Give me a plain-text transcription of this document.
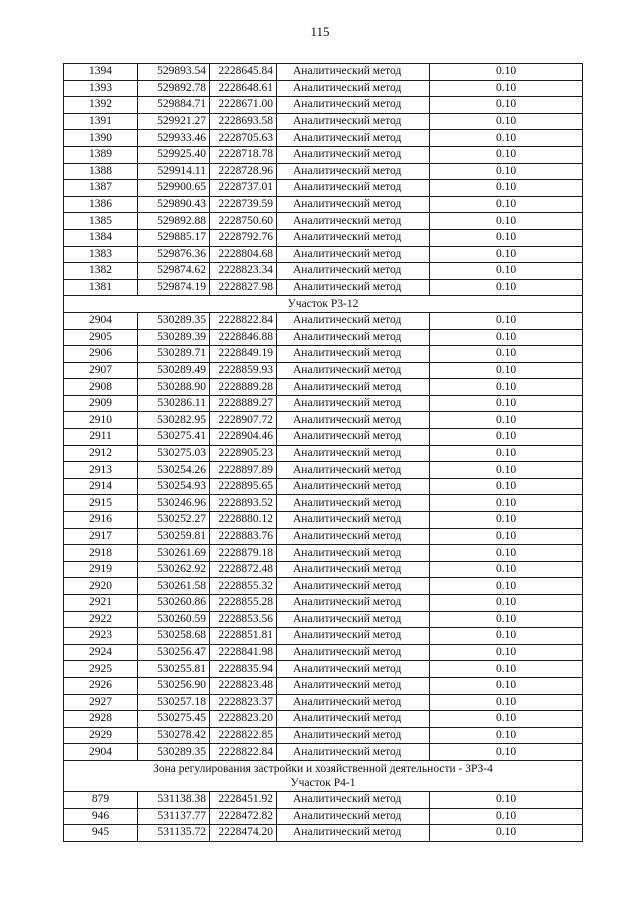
115
1394	529893.54	2228645.84	Аналитический метод	0.10
1393	529892.78	2228648.61	Аналитический метод	0.10
1392	529884.71	2228671.00	Аналитический метод	0.10
1391	529921.27	2228693.58	Аналитический метод	0.10
1390	529933.46	2228705.63	Аналитический метод	0.10
1389	529925.40	2228718.78	Аналитический метод	0.10
1388	529914.11	2228728.96	Аналитический метод	0.10
1387	529900.65	2228737.01	Аналитический метод	0.10
1386	529890.43	2228739.59	Аналитический метод	0.10
1385	529892.88	2228750.60	Аналитический метод	0.10
1384	529885.17	2228792.76	Аналитический метод	0.10
1383	529876.36	2228804.68	Аналитический метод	0.10
1382	529874.62	2228823.34	Аналитический метод	0.10
1381	529874.19	2228827.98	Аналитический метод	0.10
Участок Р3-12				
2904	530289.35	2228822.84	Аналитический метод	0.10
2905	530289.39	2228846.88	Аналитический метод	0.10
2906	530289.71	2228849.19	Аналитический метод	0.10
2907	530289.49	2228859.93	Аналитический метод	0.10
2908	530288.90	2228889.28	Аналитический метод	0.10
2909	530286.11	2228889.27	Аналитический метод	0.10
2910	530282.95	2228907.72	Аналитический метод	0.10
2911	530275.41	2228904.46	Аналитический метод	0.10
2912	530275.03	2228905.23	Аналитический метод	0.10
2913	530254.26	2228897.89	Аналитический метод	0.10
2914	530254.93	2228895.65	Аналитический метод	0.10
2915	530246.96	2228893.52	Аналитический метод	0.10
2916	530252.27	2228880.12	Аналитический метод	0.10
2917	530259.81	2228883.76	Аналитический метод	0.10
2918	530261.69	2228879.18	Аналитический метод	0.10
2919	530262.92	2228872.48	Аналитический метод	0.10
2920	530261.58	2228855.32	Аналитический метод	0.10
2921	530260.86	2228855.28	Аналитический метод	0.10
2922	530260.59	2228853.56	Аналитический метод	0.10
2923	530258.68	2228851.81	Аналитический метод	0.10
2924	530256.47	2228841.98	Аналитический метод	0.10
2925	530255.81	2228835.94	Аналитический метод	0.10
2926	530256.90	2228823.48	Аналитический метод	0.10
2927	530257.18	2228823.37	Аналитический метод	0.10
2928	530275.45	2228823.20	Аналитический метод	0.10
2929	530278.42	2228822.85	Аналитический метод	0.10
2904	530289.35	2228822.84	Аналитический метод	0.10

Зона регулирования застройки и хозяйственной деятельности - ЗРЗ-4
Участок Р4-1				

879	531138.38	2228451.92	Аналитический метод	0.10
946	531137.77	2228472.82	Аналитический метод	0.10
945	531135.72	2228474.20	Аналитический метод	0.10
